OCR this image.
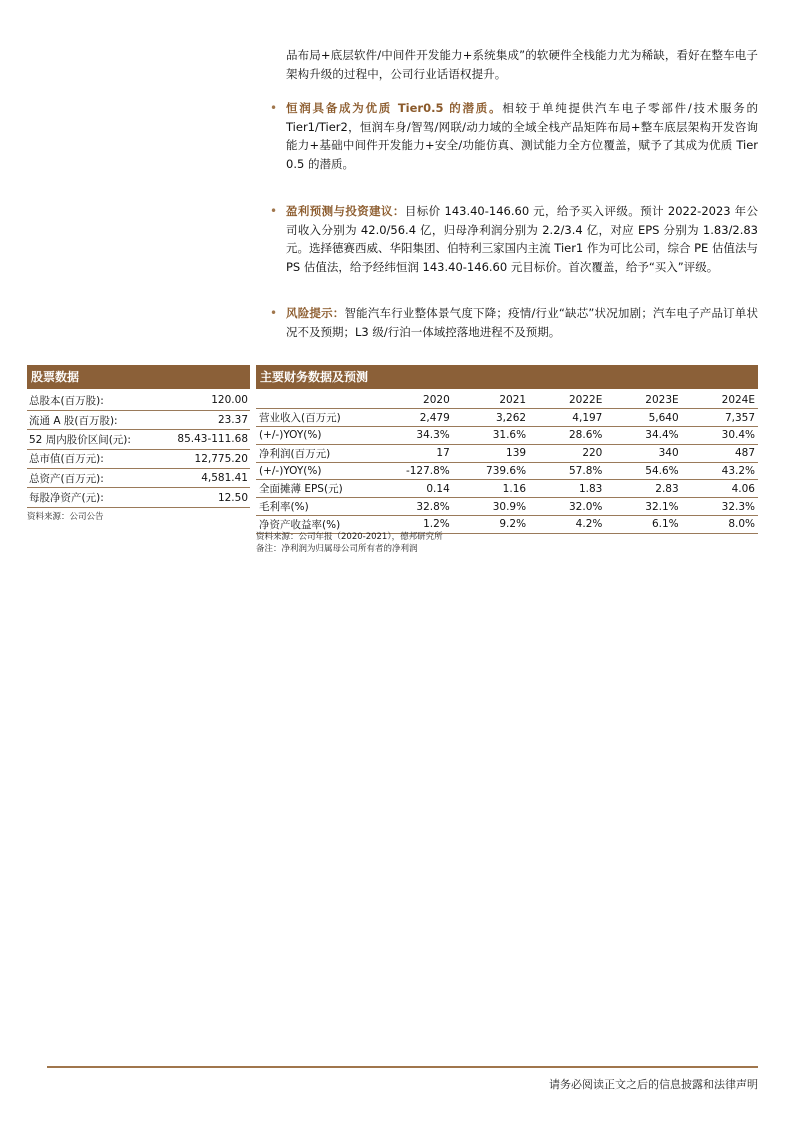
品布局+底层软件/中间件开发能力+系统集成”的软硬件全栈能力尤为稀缺，看好在整车电子架构升级的过程中，公司行业话语权提升。
• 恒润具备成为优质 Tier0.5 的潜质。相较于单纯提供汽车电子零部件/技术服务的 Tier1/Tier2，恒润车身/智驾/网联/动力域的全域全栈产品矩阵布局+整车底层架构开发咨询能力+基础中间件开发能力+安全/功能仿真、测试能力全方位覆盖，赋予了其成为优质 Tier 0.5 的潜质。
• 盈利预测与投资建议：目标价 143.40-146.60 元，给予买入评级。预计 2022-2023 年公司收入分别为 42.0/56.4 亿，归母净利润分别为 2.2/3.4 亿，对应 EPS 分别为 1.83/2.83 元。选择德赛西威、华阳集团、伯特利三家国内主流 Tier1 作为可比公司，综合 PE 估值法与 PS 估值法，给予经纬恒润 143.40-146.60 元目标价。首次覆盖，给予“买入”评级。
• 风险提示：智能汽车行业整体景气度下降；疫情/行业“缺芯”状况加剧；汽车电子产品订单状况不及预期；L3 级/行泊一体域控落地进程不及预期。
股票数据
总股本(百万股):	120.00
流通 A 股(百万股):	23.37
52 周内股价区间(元):	85.43-111.68
总市值(百万元):	12,775.20
总资产(百万元):	4,581.41
每股净资产(元):	12.50
资料来源：公司公告
主要财务数据及预测
	2020	2021	2022E	2023E	2024E
营业收入(百万元)	2,479	3,262	4,197	5,640	7,357
(+/-)YOY(%)	34.3%	31.6%	28.6%	34.4%	30.4%
净利润(百万元)	17	139	220	340	487
(+/-)YOY(%)	-127.8%	739.6%	57.8%	54.6%	43.2%
全面摊薄 EPS(元)	0.14	1.16	1.83	2.83	4.06
毛利率(%)	32.8%	30.9%	32.0%	32.1%	32.3%
净资产收益率(%)	1.2%	9.2%	4.2%	6.1%	8.0%
资料来源：公司年报（2020-2021），德邦研究所
备注：净利润为归属母公司所有者的净利润
请务必阅读正文之后的信息披露和法律声明
